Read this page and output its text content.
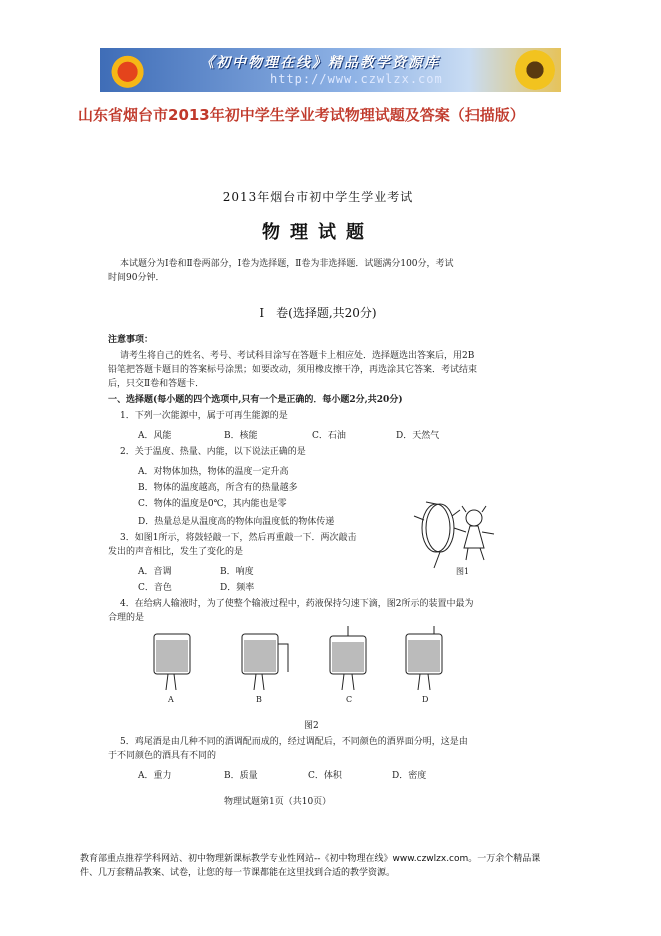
《初中物理在线》精品教学资源库
http://www.czwlzx.com
山东省烟台市2013年初中学生学业考试物理试题及答案（扫描版）
2013年烟台市初中学生学业考试
物理试题
本试题分为Ⅰ卷和Ⅱ卷两部分，Ⅰ卷为选择题，Ⅱ卷为非选择题．试题满分100分，考试
时间90分钟．
Ⅰ　卷(选择题,共20分)
注意事项：
请考生将自己的姓名、考号、考试科目涂写在答题卡上相应处．选择题选出答案后，用2B
铅笔把答题卡题目的答案标号涂黑；如要改动，须用橡皮擦干净，再选涂其它答案．考试结束
后，只交Ⅱ卷和答题卡．
一、选择题(每小题的四个选项中,只有一个是正确的．每小题2分,共20分)
1．下列一次能源中，属于可再生能源的是
A．风能	B．核能	C．石油	D．天然气
2．关于温度、热量、内能，以下说法正确的是
A．对物体加热，物体的温度一定升高
B．物体的温度越高，所含有的热量越多
C．物体的温度是0℃，其内能也是零
D．热量总是从温度高的物体向温度低的物体传递
3．如图1所示，将鼓轻敲一下，然后再重敲一下．两次敲击
发出的声音相比，发生了变化的是
A．音调	B．响度
C．音色	D．频率
图1
4．在给病人输液时，为了使整个输液过程中，药液保持匀速下滴，图2所示的装置中最为
合理的是
A	B	C	D
图2
5．鸡尾酒是由几种不同的酒调配而成的，经过调配后，不同颜色的酒界面分明，这是由
于不同颜色的酒具有不同的
A．重力	B．质量	C．体积	D．密度
物理试题第1页（共10页）
教育部重点推荐学科网站、初中物理新课标教学专业性网站--《初中物理在线》www.czwlzx.com。一万余个精品课
件、几万套精品教案、试卷，让您的每一节课都能在这里找到合适的教学资源。
